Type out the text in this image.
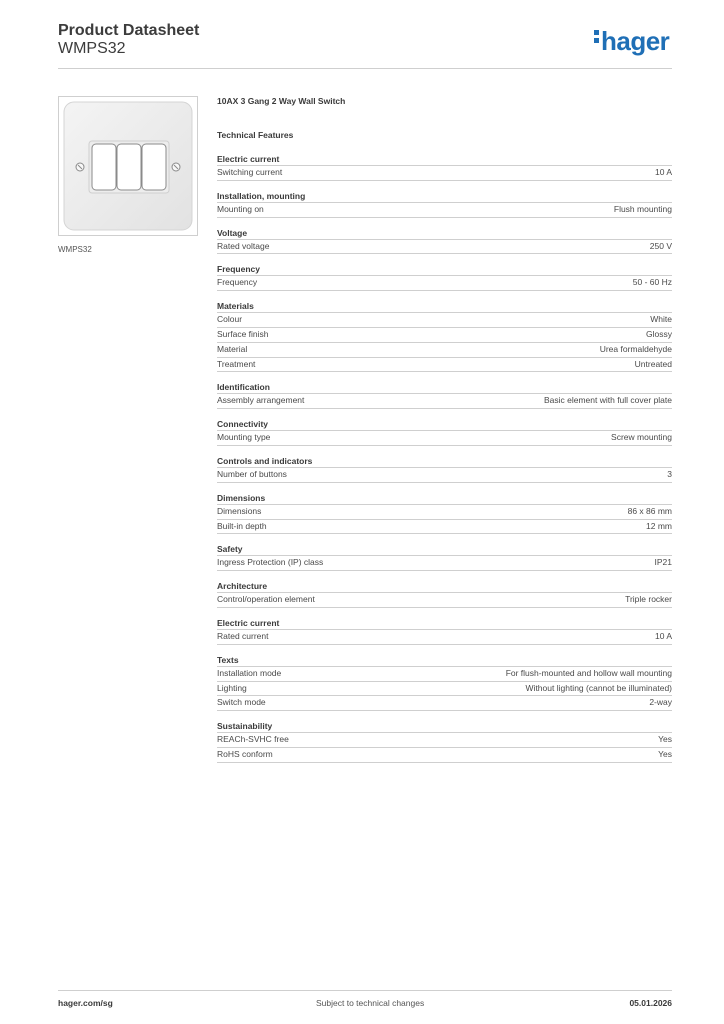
Product Datasheet
WMPS32	hager
WMPS32
10AX 3 Gang 2 Way Wall Switch
Technical Features
Electric current
Switching current	10 A
Installation, mounting
Mounting on	Flush mounting
Voltage
Rated voltage	250 V
Frequency
Frequency	50 - 60 Hz
Materials
Colour	White
Surface finish	Glossy
Material	Urea formaldehyde
Treatment	Untreated
Identification
Assembly arrangement	Basic element with full cover plate
Connectivity
Mounting type	Screw mounting
Controls and indicators
Number of buttons	3
Dimensions
Dimensions	86 x 86 mm
Built-in depth	12 mm
Safety
Ingress Protection (IP) class	IP21
Architecture
Control/operation element	Triple rocker
Electric current
Rated current	10 A
Texts
Installation mode	For flush-mounted and hollow wall mounting
Lighting	Without lighting (cannot be illuminated)
Switch mode	2-way
Sustainability
REACh-SVHC free	Yes
RoHS conform	Yes
hager.com/sg	Subject to technical changes	05.01.2026
